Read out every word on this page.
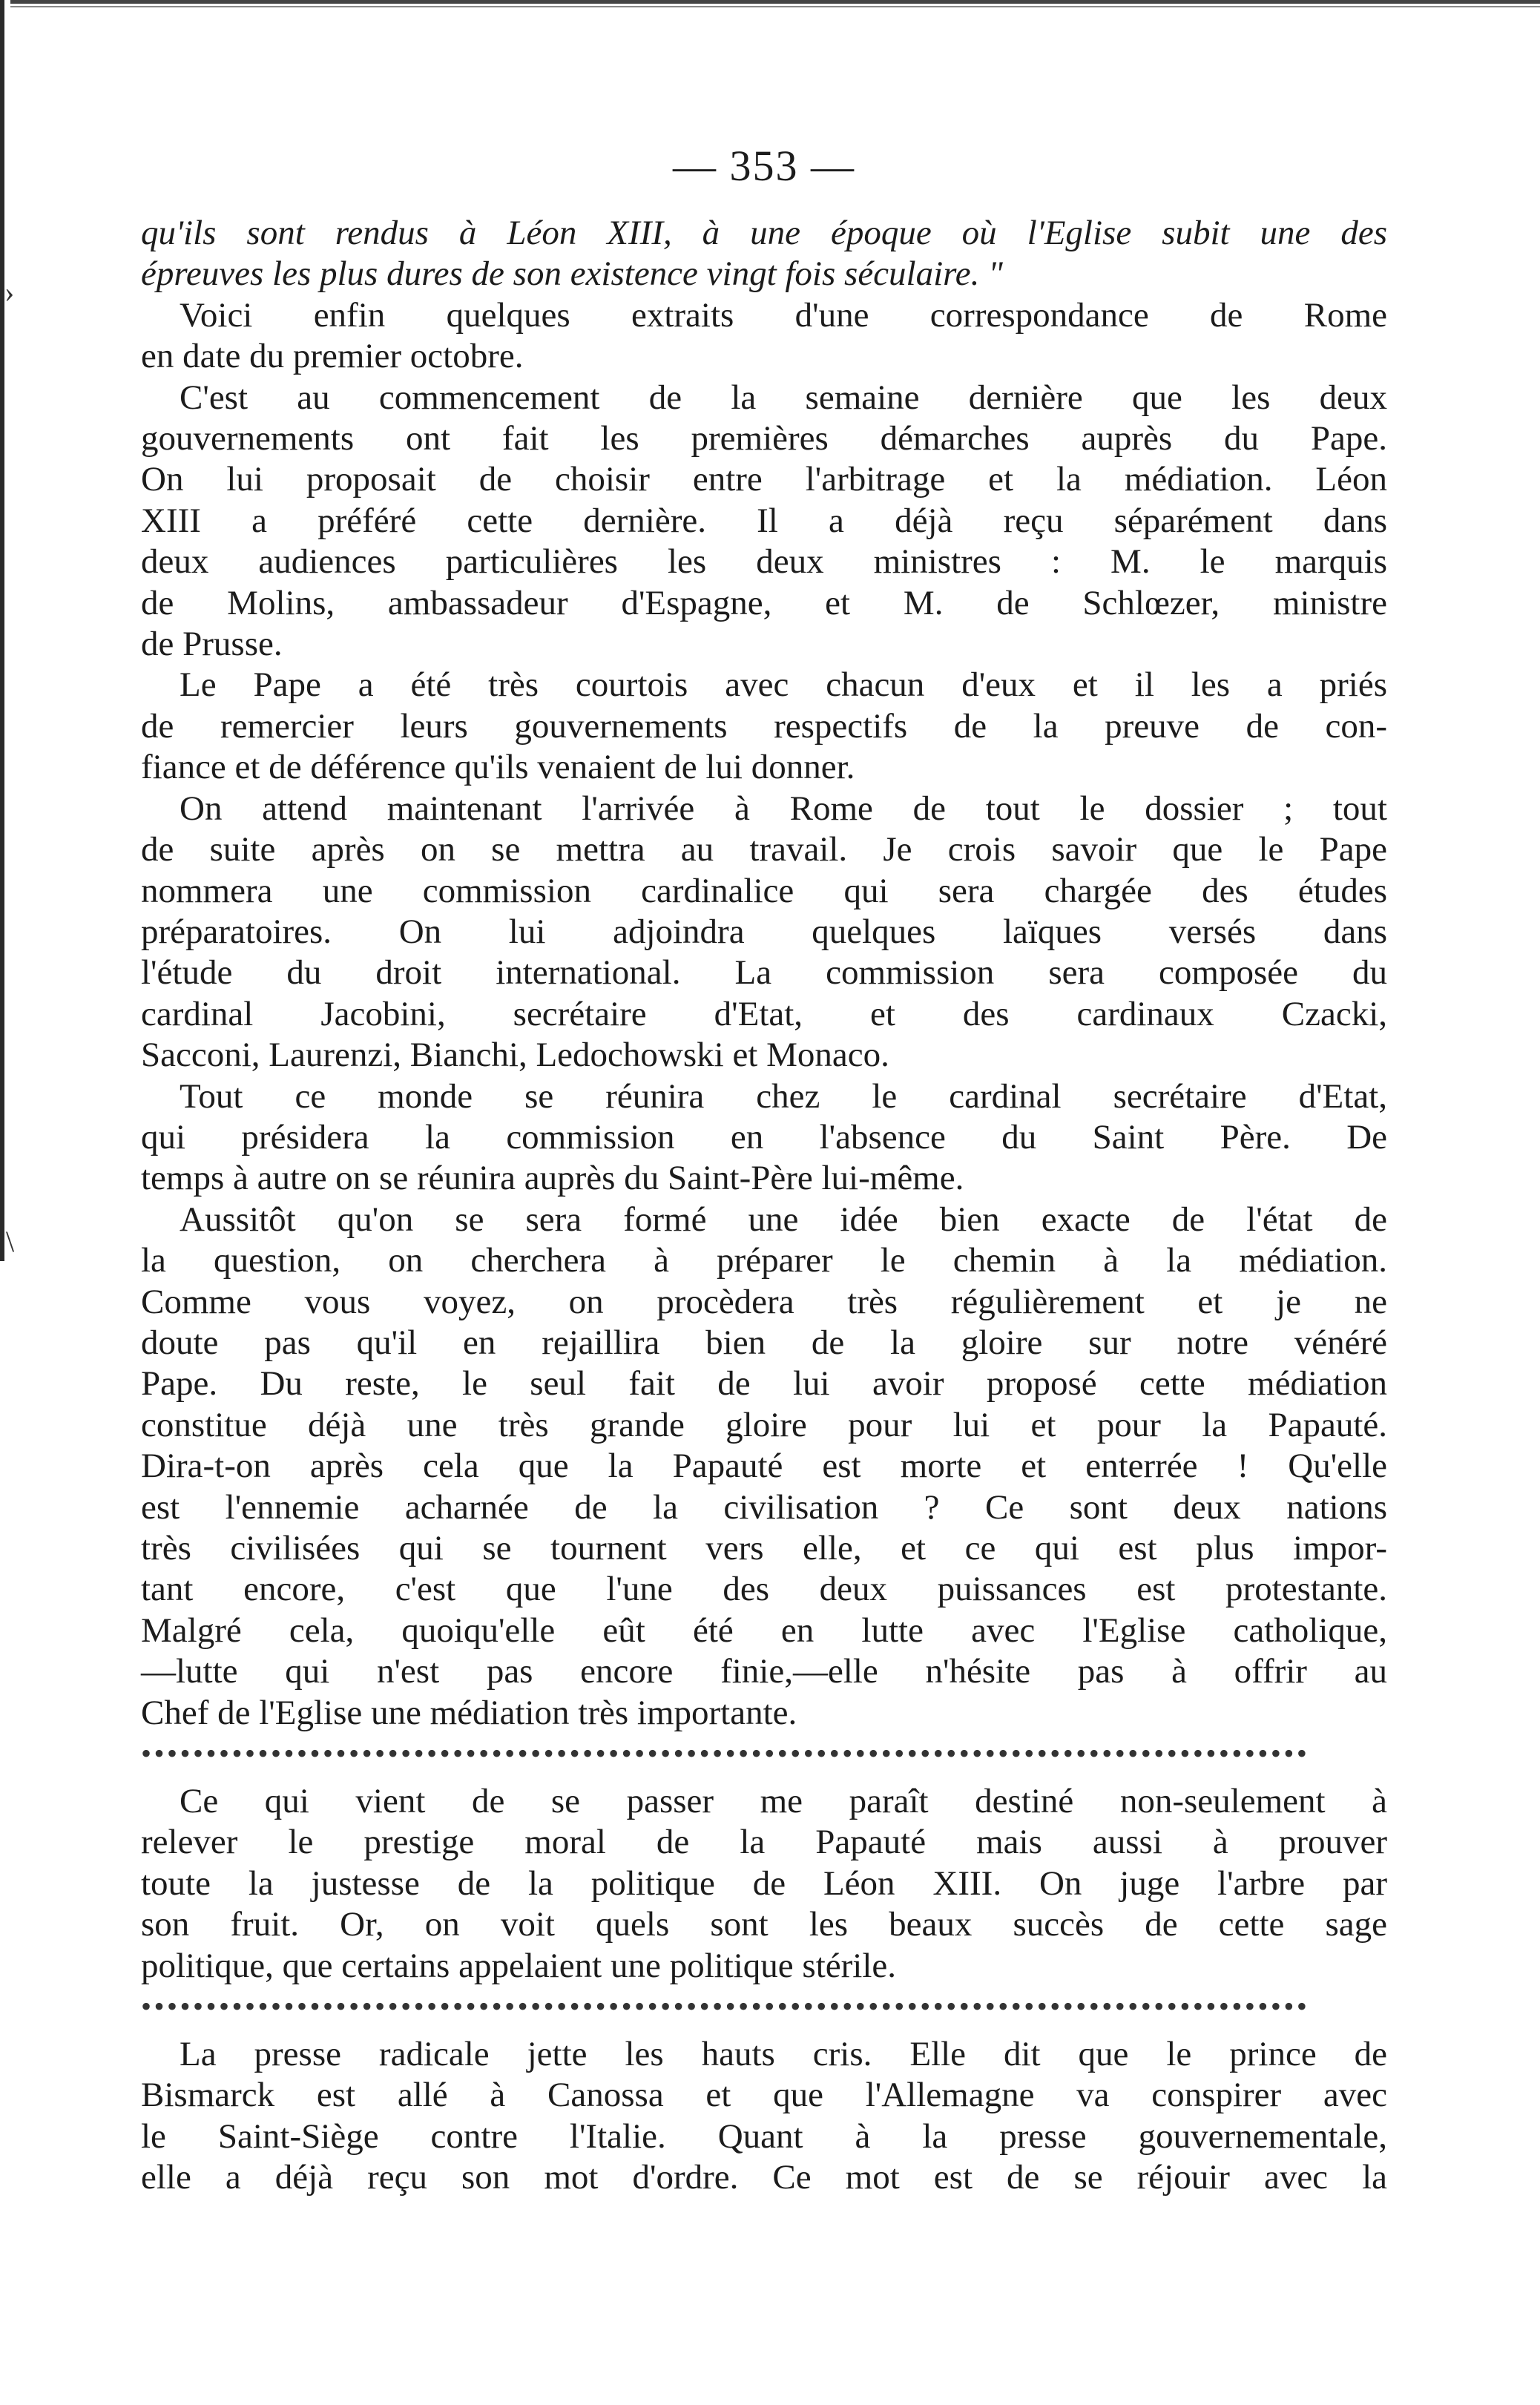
›
\
— 353 —
qu'ils sont rendus à Léon XIII, à une époque où l'Eglise subit une des
épreuves les plus dures de son existence vingt fois séculaire. "
Voici enfin quelques extraits d'une correspondance de Rome
en date du premier octobre.
C'est au commencement de la semaine dernière que les deux
gouvernements ont fait les premières démarches auprès du Pape.
On lui proposait de choisir entre l'arbitrage et la médiation. Léon
XIII a préféré cette dernière. Il a déjà reçu séparément dans
deux audiences particulières les deux ministres : M. le marquis
de Molins, ambassadeur d'Espagne, et M. de Schlœzer, ministre
de Prusse.
Le Pape a été très courtois avec chacun d'eux et il les a priés
de remercier leurs gouvernements respectifs de la preuve de con-
fiance et de déférence qu'ils venaient de lui donner.
On attend maintenant l'arrivée à Rome de tout le dossier ; tout
de suite après on se mettra au travail. Je crois savoir que le Pape
nommera une commission cardinalice qui sera chargée des études
préparatoires. On lui adjoindra quelques laïques versés dans
l'étude du droit international. La commission sera composée du
cardinal Jacobini, secrétaire d'Etat, et des cardinaux Czacki,
Sacconi, Laurenzi, Bianchi, Ledochowski et Monaco.
Tout ce monde se réunira chez le cardinal secrétaire d'Etat,
qui présidera la commission en l'absence du Saint Père. De
temps à autre on se réunira auprès du Saint-Père lui-même.
Aussitôt qu'on se sera formé une idée bien exacte de l'état de
la question, on cherchera à préparer le chemin à la médiation.
Comme vous voyez, on procèdera très régulièrement et je ne
doute pas qu'il en rejaillira bien de la gloire sur notre vénéré
Pape. Du reste, le seul fait de lui avoir proposé cette médiation
constitue déjà une très grande gloire pour lui et pour la Papauté.
Dira-t-on après cela que la Papauté est morte et enterrée ! Qu'elle
est l'ennemie acharnée de la civilisation ? Ce sont deux nations
très civilisées qui se tournent vers elle, et ce qui est plus impor-
tant encore, c'est que l'une des deux puissances est protestante.
Malgré cela, quoiqu'elle eût été en lutte avec l'Eglise catholique,
—lutte qui n'est pas encore finie,—elle n'hésite pas à offrir au
Chef de l'Eglise une médiation très importante.
••••••••••••••••••••••••••••••••••••••••••••••••••••••••••••••••••••••••••••••••••••••••••
Ce qui vient de se passer me paraît destiné non-seulement à
relever le prestige moral de la Papauté mais aussi à prouver
toute la justesse de la politique de Léon XIII. On juge l'arbre par
son fruit. Or, on voit quels sont les beaux succès de cette sage
politique, que certains appelaient une politique stérile.
••••••••••••••••••••••••••••••••••••••••••••••••••••••••••••••••••••••••••••••••••••••••••
La presse radicale jette les hauts cris. Elle dit que le prince de
Bismarck est allé à Canossa et que l'Allemagne va conspirer avec
le Saint-Siège contre l'Italie. Quant à la presse gouvernementale,
elle a déjà reçu son mot d'ordre. Ce mot est de se réjouir avec la
